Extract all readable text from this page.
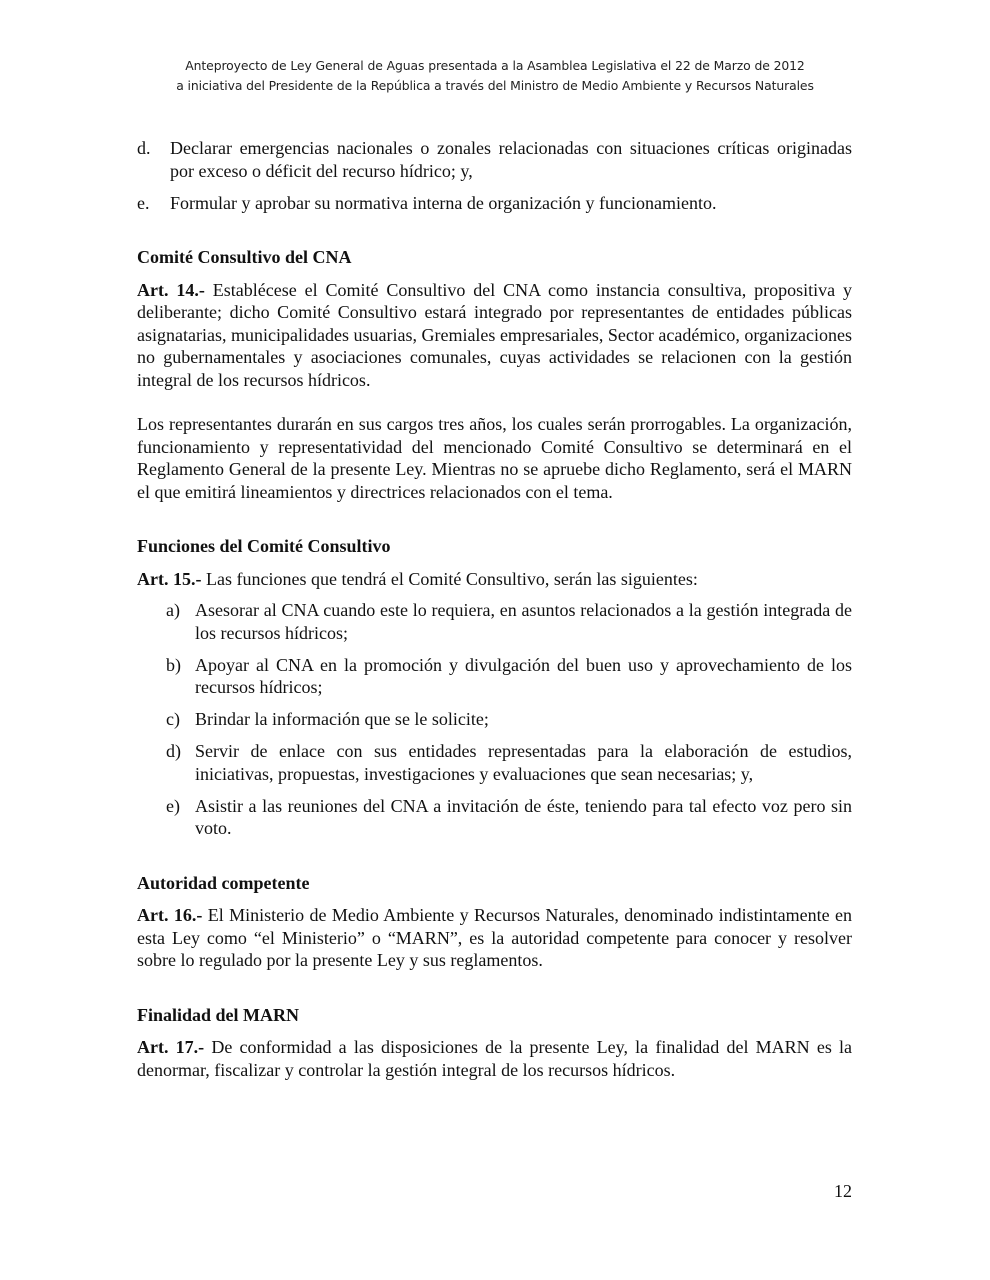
Anteproyecto de Ley General de Aguas presentada a la Asamblea Legislativa el 22 de Marzo de 2012
a iniciativa del Presidente de la República a través del Ministro de Medio Ambiente y Recursos Naturales
d.	Declarar emergencias nacionales o zonales relacionadas con situaciones críticas originadas por exceso o déficit del recurso hídrico; y,
e.	Formular y aprobar su normativa interna de organización y funcionamiento.
Comité Consultivo del CNA

Art. 14.- Establécese el Comité Consultivo del CNA como instancia consultiva, propositiva y deliberante; dicho Comité Consultivo estará integrado por representantes de entidades públicas asignatarias, municipalidades usuarias, Gremiales empresariales, Sector académico, organizaciones no gubernamentales y asociaciones comunales, cuyas actividades se relacionen con la gestión integral de los recursos hídricos.

Los representantes durarán en sus cargos tres años, los cuales serán prorrogables. La organización, funcionamiento y representatividad del mencionado Comité Consultivo se determinará en el Reglamento General de la presente Ley. Mientras no se apruebe dicho Reglamento, será el MARN el que emitirá lineamientos y directrices relacionados con el tema.

Funciones del Comité Consultivo

Art. 15.- Las funciones que tendrá el Comité Consultivo, serán las siguientes:

a) Asesorar al CNA cuando este lo requiera, en asuntos relacionados a la gestión integrada de los recursos hídricos;
b) Apoyar al CNA en la promoción y divulgación del buen uso y aprovechamiento de los recursos hídricos;
c) Brindar la información que se le solicite;
d) Servir de enlace con sus entidades representadas para la elaboración de estudios, iniciativas, propuestas, investigaciones y evaluaciones que sean necesarias; y,
e) Asistir a las reuniones del CNA a invitación de éste, teniendo para tal efecto voz pero sin voto.
Autoridad competente

Art. 16.- El Ministerio de Medio Ambiente y Recursos Naturales, denominado indistintamente en esta Ley como “el Ministerio” o “MARN”, es la autoridad competente para conocer y resolver sobre lo regulado por la presente Ley y sus reglamentos.

Finalidad del MARN

Art. 17.- De conformidad a las disposiciones de la presente Ley, la finalidad del MARN es la denormar, fiscalizar y controlar la gestión integral de los recursos hídricos.

12
